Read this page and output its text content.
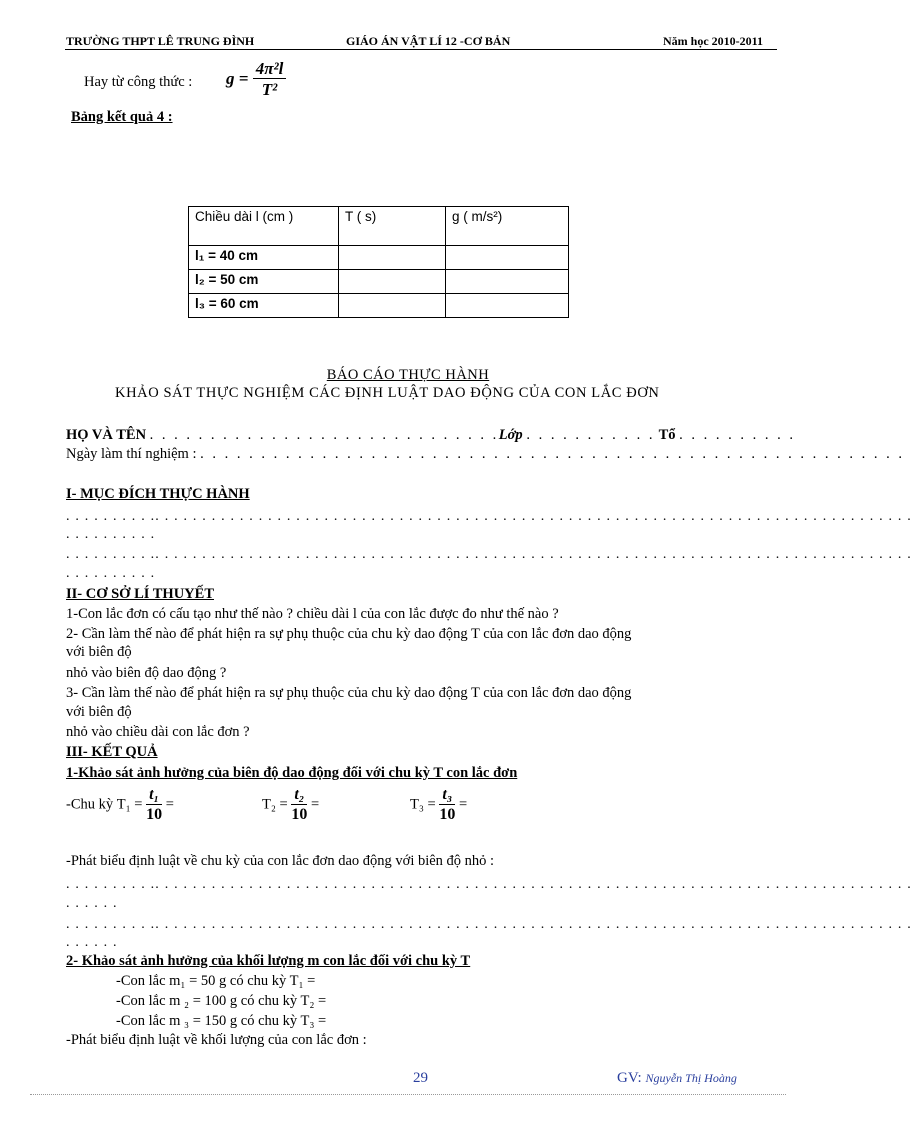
TRƯỜNG THPT LÊ TRUNG ĐÌNH	GIÁO ÁN VẬT LÍ 12 -CƠ BẢN	Năm học 2010-2011
Hay từ công thức : $g = \frac{\text{4π²l}}{\text{T²}}$
Bảng kết quả 4 :
Chiều dài l (cm )	T ( s)	g ( m/s²)
l₁ = 40 cm		
l₂ = 50 cm		
l₃ = 60 cm		
BÁO CÁO THỰC HÀNH
KHẢO SÁT THỰC NGHIỆM CÁC ĐỊNH LUẬT DAO ĐỘNG CỦA CON LẮC ĐƠN
HỌ VÀ TÊN . . . . . . . . . . . . . . . . . . . . . . . . . . . . .Lớp . . . . . . . . . . . Tổ . . . . . . . . . .
Ngày làm thí nghiệm : . . . . . . . . . . . . . . . . . . . . . . . . . . . . . . . . . . . . . . . . . . . . . . . . . . . . . . . . . .
I- MỤC ĐÍCH THỰC HÀNH
. . . . . . . . . .. . . . . . . . . . . . . . . . . . . . . . . . . . . . . . . . . . . . . . . . . . . . . . . . . . . . . . . . . . . . . . . . . . . . . . . . . . . . . . . . .
. . . . . . . . . .
. . . . . . . . . .. . . . . . . . . . . . . . . . . . . . . . . . . . . . . . . . . . . . . . . . . . . . . . . . . . . . . . . . . . . . . . . . . . . . . . . . . . . . . . . . .
. . . . . . . . . .
II- CƠ SỞ LÍ THUYẾT
1-Con lắc đơn có cấu tạo như thế nào ? chiều dài l của con lắc được đo như thế nào ?
2- Cần làm thế nào để phát hiện ra sự phụ thuộc của chu kỳ dao động T của con lắc đơn dao động
với biên độ
nhỏ vào biên độ dao động ?
3- Cần làm thế nào để phát hiện ra sự phụ thuộc của chu kỳ dao động T của con lắc đơn dao động
với biên độ
nhỏ vào chiều dài con lắc đơn ?
III- KẾT QUẢ
1-Khảo sát ảnh hưởng của biên độ dao động đối với chu kỳ T con lắc đơn
-Chu kỳ $T_1 = \frac{\text{t₁}}{10}$ =	$T_2 = \frac{\text{t₂}}{10}$ =	$T_3 = \frac{\text{t₃}}{10}$ =
-Phát biểu định luật về chu kỳ của con lắc đơn dao động với biên độ nhỏ :
. . . . . . . . . .. . . . . . . . . . . . . . . . . . . . . . . . . . . . . . . . . . . . . . . . . . . . . . . . . . . . . . . . . . . . . . . . . . . . . . . . . . . . . . . . .
. . . . . .
. . . . . . . . . .. . . . . . . . . . . . . . . . . . . . . . . . . . . . . . . . . . . . . . . . . . . . . . . . . . . . . . . . . . . . . . . . . . . . . . . . . . . . . . . . .
. . . . . .
2- Khảo sát ảnh hưởng của khối lượng m con lắc đối với chu kỳ T
-Con lắc m₁ = 50 g có chu kỳ T₁ =
-Con lắc m ₂ = 100 g có chu kỳ T₂ =
-Con lắc m ₃ = 150 g có chu kỳ T₃ =
-Phát biểu định luật về khối lượng của con lắc đơn :
29	GV: Nguyễn Thị Hoàng
